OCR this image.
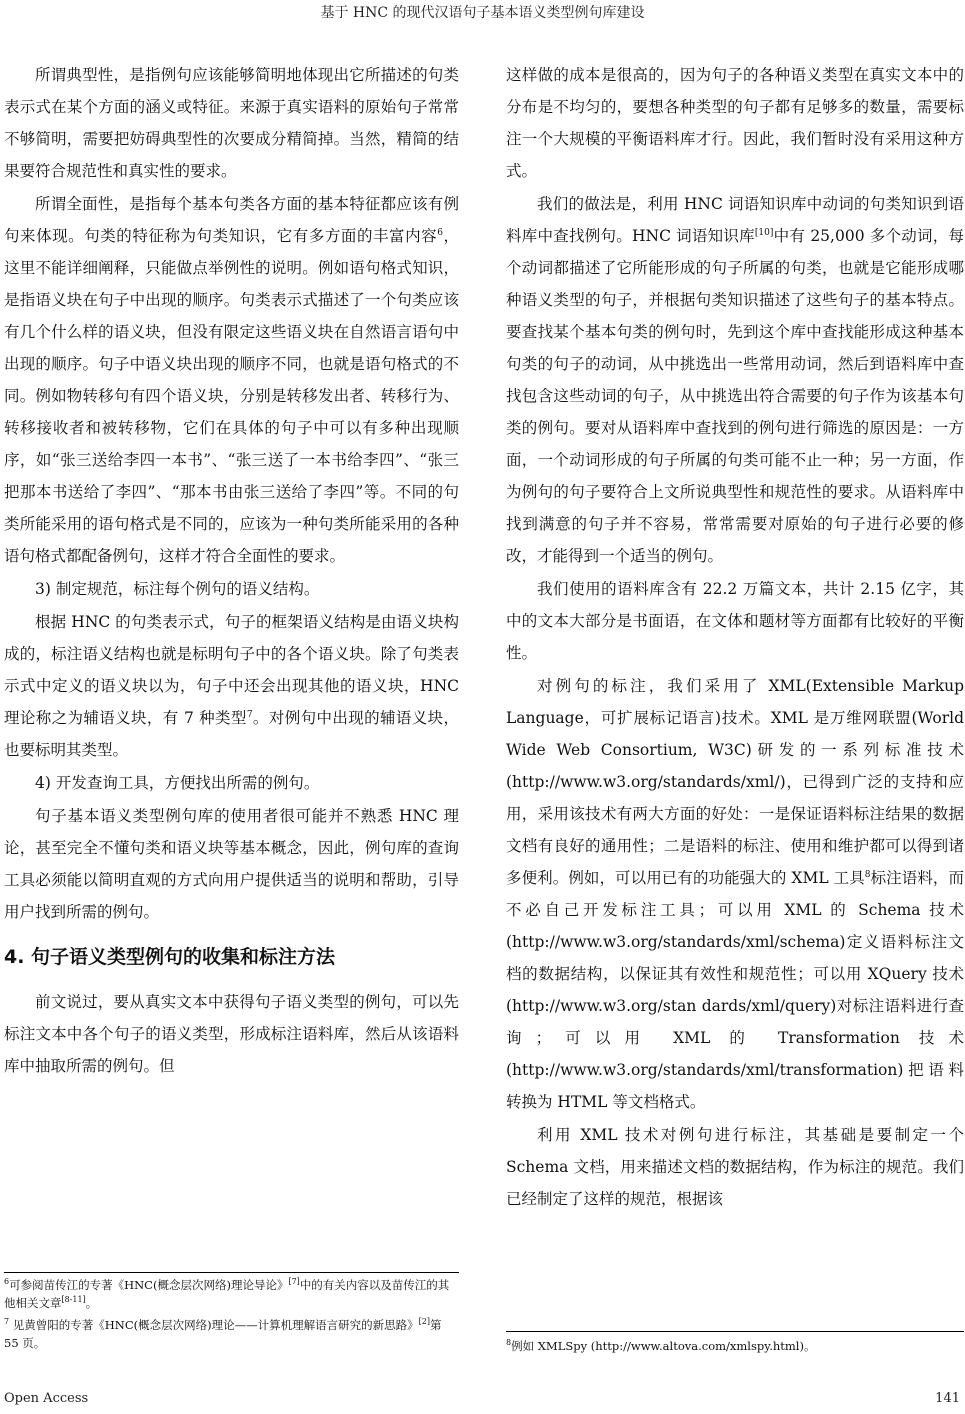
基于 HNC 的现代汉语句子基本语义类型例句库建设

所谓典型性，是指例句应该能够简明地体现出它所描述的句类表示式在某个方面的涵义或特征。来源于真实语料的原始句子常常不够简明，需要把妨碍典型性的次要成分精简掉。当然，精简的结果要符合规范性和真实性的要求。

所谓全面性，是指每个基本句类各方面的基本特征都应该有例句来体现。句类的特征称为句类知识，它有多方面的丰富内容$^6$，这里不能详细阐释，只能做点举例性的说明。例如语句格式知识，是指语义块在句子中出现的顺序。句类表示式描述了一个句类应该有几个什么样的语义块，但没有限定这些语义块在自然语言语句中出现的顺序。句子中语义块出现的顺序不同，也就是语句格式的不同。例如物转移句有四个语义块，分别是转移发出者、转移行为、转移接收者和被转移物，它们在具体的句子中可以有多种出现顺序，如“张三送给李四一本书”、“张三送了一本书给李四”、“张三把那本书送给了李四”、“那本书由张三送给了李四”等。不同的句类所能采用的语句格式是不同的，应该为一种句类所能采用的各种语句格式都配备例句，这样才符合全面性的要求。

3) 制定规范，标注每个例句的语义结构。

根据 HNC 的句类表示式，句子的框架语义结构是由语义块构成的，标注语义结构也就是标明句子中的各个语义块。除了句类表示式中定义的语义块以为，句子中还会出现其他的语义块，HNC 理论称之为辅语义块，有 7 种类型$^7$。对例句中出现的辅语义块，也要标明其类型。

4) 开发查询工具，方便找出所需的例句。

句子基本语义类型例句库的使用者很可能并不熟悉 HNC 理论，甚至完全不懂句类和语义块等基本概念，因此，例句库的查询工具必须能以简明直观的方式向用户提供适当的说明和帮助，引导用户找到所需的例句。

4. 句子语义类型例句的收集和标注方法

前文说过，要从真实文本中获得句子语义类型的例句，可以先标注文本中各个句子的语义类型，形成标注语料库，然后从该语料库中抽取所需的例句。但

这样做的成本是很高的，因为句子的各种语义类型在真实文本中的分布是不均匀的，要想各种类型的句子都有足够多的数量，需要标注一个大规模的平衡语料库才行。因此，我们暂时没有采用这种方式。

我们的做法是，利用 HNC 词语知识库中动词的句类知识到语料库中查找例句。HNC 词语知识库[10]中有 25,000 多个动词，每个动词都描述了它所能形成的句子所属的句类，也就是它能形成哪种语义类型的句子，并根据句类知识描述了这些句子的基本特点。要查找某个基本句类的例句时，先到这个库中查找能形成这种基本句类的句子的动词，从中挑选出一些常用动词，然后到语料库中查找包含这些动词的句子，从中挑选出符合需要的句子作为该基本句类的例句。要对从语料库中查找到的例句进行筛选的原因是：一方面，一个动词形成的句子所属的句类可能不止一种；另一方面，作为例句的句子要符合上文所说典型性和规范性的要求。从语料库中找到满意的句子并不容易，常常需要对原始的句子进行必要的修改，才能得到一个适当的例句。

我们使用的语料库含有 22.2 万篇文本，共计 2.15 亿字，其中的文本大部分是书面语，在文体和题材等方面都有比较好的平衡性。

对例句的标注，我们采用了 XML(Extensible Markup Language，可扩展标记语言)技术。XML 是万维网联盟(World Wide Web Consortium, W3C)研发的一系列标准技术(http://www.w3.org/standards/xml/)，已得到广泛的支持和应用，采用该技术有两大方面的好处：一是保证语料标注结果的数据文档有良好的通用性；二是语料的标注、使用和维护都可以得到诸多便利。例如，可以用已有的功能强大的 XML 工具$^8$标注语料，而不必自己开发标注工具；可以用 XML 的 Schema 技术(http://www.w3.org/standards/xml/schema)定义语料标注文档的数据结构，以保证其有效性和规范性；可以用 XQuery 技术(http://www.w3.org/stan dards/xml/query)对标注语料进行查询；可以用 XML 的 Transformation 技术(http://www.w3.org/standards/xml/transformation)把语料转换为 HTML 等文档格式。

利用 XML 技术对例句进行标注，其基础是要制定一个 Schema 文档，用来描述文档的数据结构，作为标注的规范。我们已经制定了这样的规范，根据该

$^6$可参阅苗传江的专著《HNC(概念层次网络)理论导论》[7]中的有关内容以及苗传江的其他相关文章[8-11]。

$^7$ 见黄曾阳的专著《HNC(概念层次网络)理论——计算机理解语言研究的新思路》[2]第 55 页。	$^8$例如 XMLSpy (http://www.altova.com/xmlspy.html)。

Open Access	141
